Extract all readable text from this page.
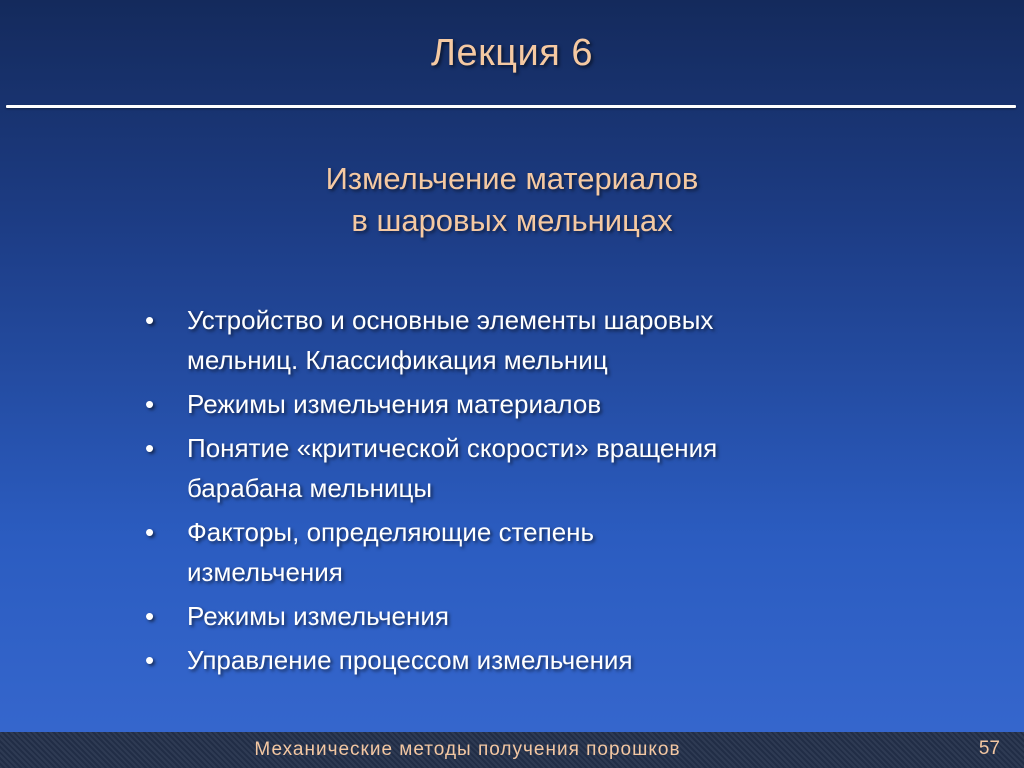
Лекция 6
Измельчение материалов
в шаровых мельницах
•	Устройство и основные элементы шаровых
мельниц. Классификация мельниц
•	Режимы измельчения материалов
•	Понятие «критической скорости» вращения
барабана мельницы
•	Факторы, определяющие степень
измельчения
•	Режимы измельчения
•	Управление процессом измельчения
Механические методы получения порошков	57
